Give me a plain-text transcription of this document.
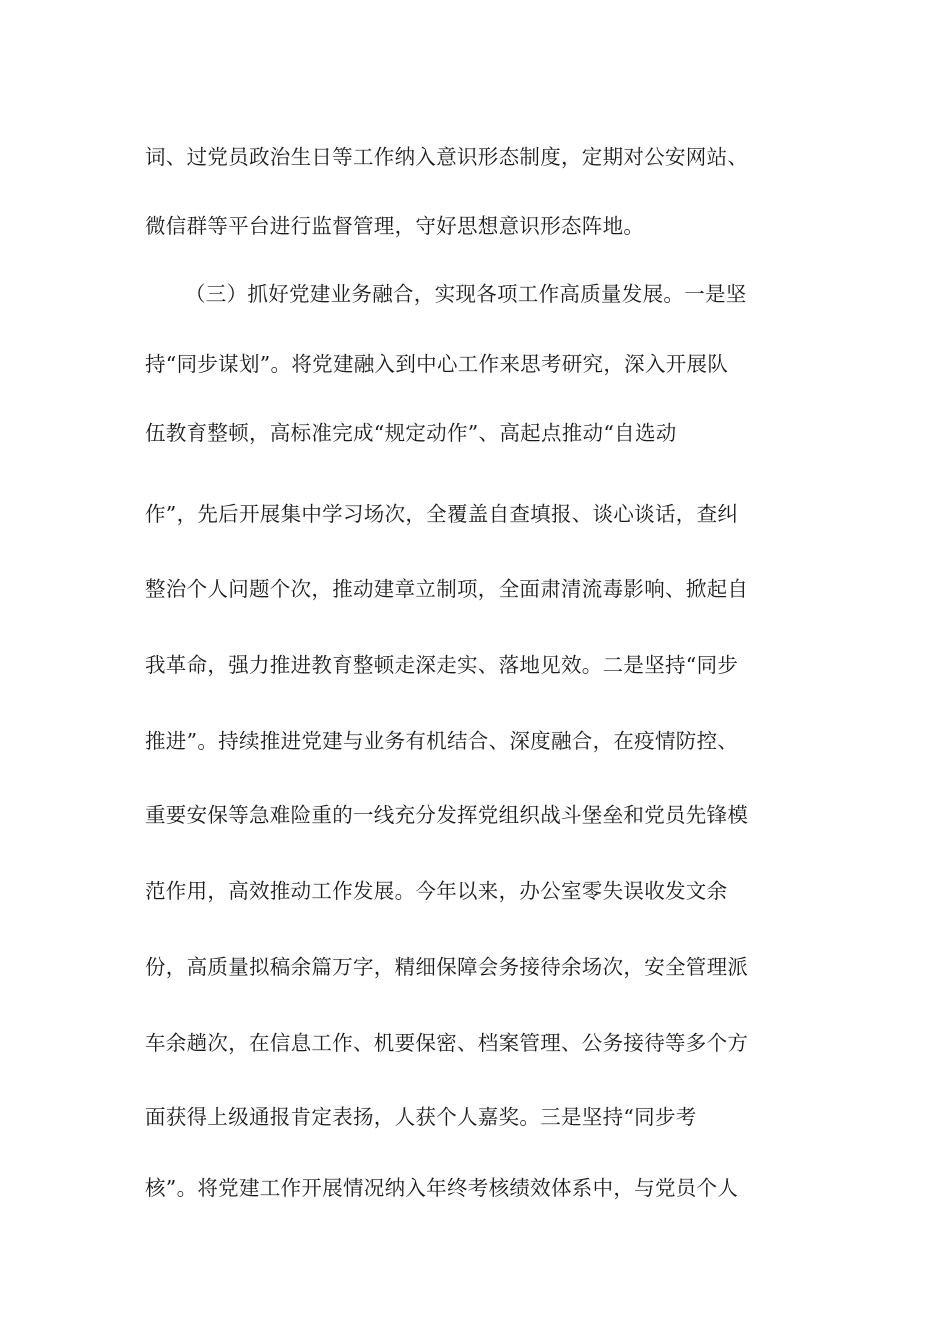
词、过党员政治生日等工作纳入意识形态制度，定期对公安网站、
微信群等平台进行监督管理，守好思想意识形态阵地。
（三）抓好党建业务融合，实现各项工作高质量发展。一是坚
持“同步谋划”。将党建融入到中心工作来思考研究，深入开展队
伍教育整顿，高标准完成“规定动作”、高起点推动“自选动
作”，先后开展集中学习场次，全覆盖自查填报、谈心谈话，查纠
整治个人问题个次，推动建章立制项，全面肃清流毒影响、掀起自
我革命，强力推进教育整顿走深走实、落地见效。二是坚持“同步
推进”。持续推进党建与业务有机结合、深度融合，在疫情防控、
重要安保等急难险重的一线充分发挥党组织战斗堡垒和党员先锋模
范作用，高效推动工作发展。今年以来，办公室零失误收发文余
份，高质量拟稿余篇万字，精细保障会务接待余场次，安全管理派
车余趟次，在信息工作、机要保密、档案管理、公务接待等多个方
面获得上级通报肯定表扬，人获个人嘉奖。三是坚持“同步考
核”。将党建工作开展情况纳入年终考核绩效体系中，与党员个人
